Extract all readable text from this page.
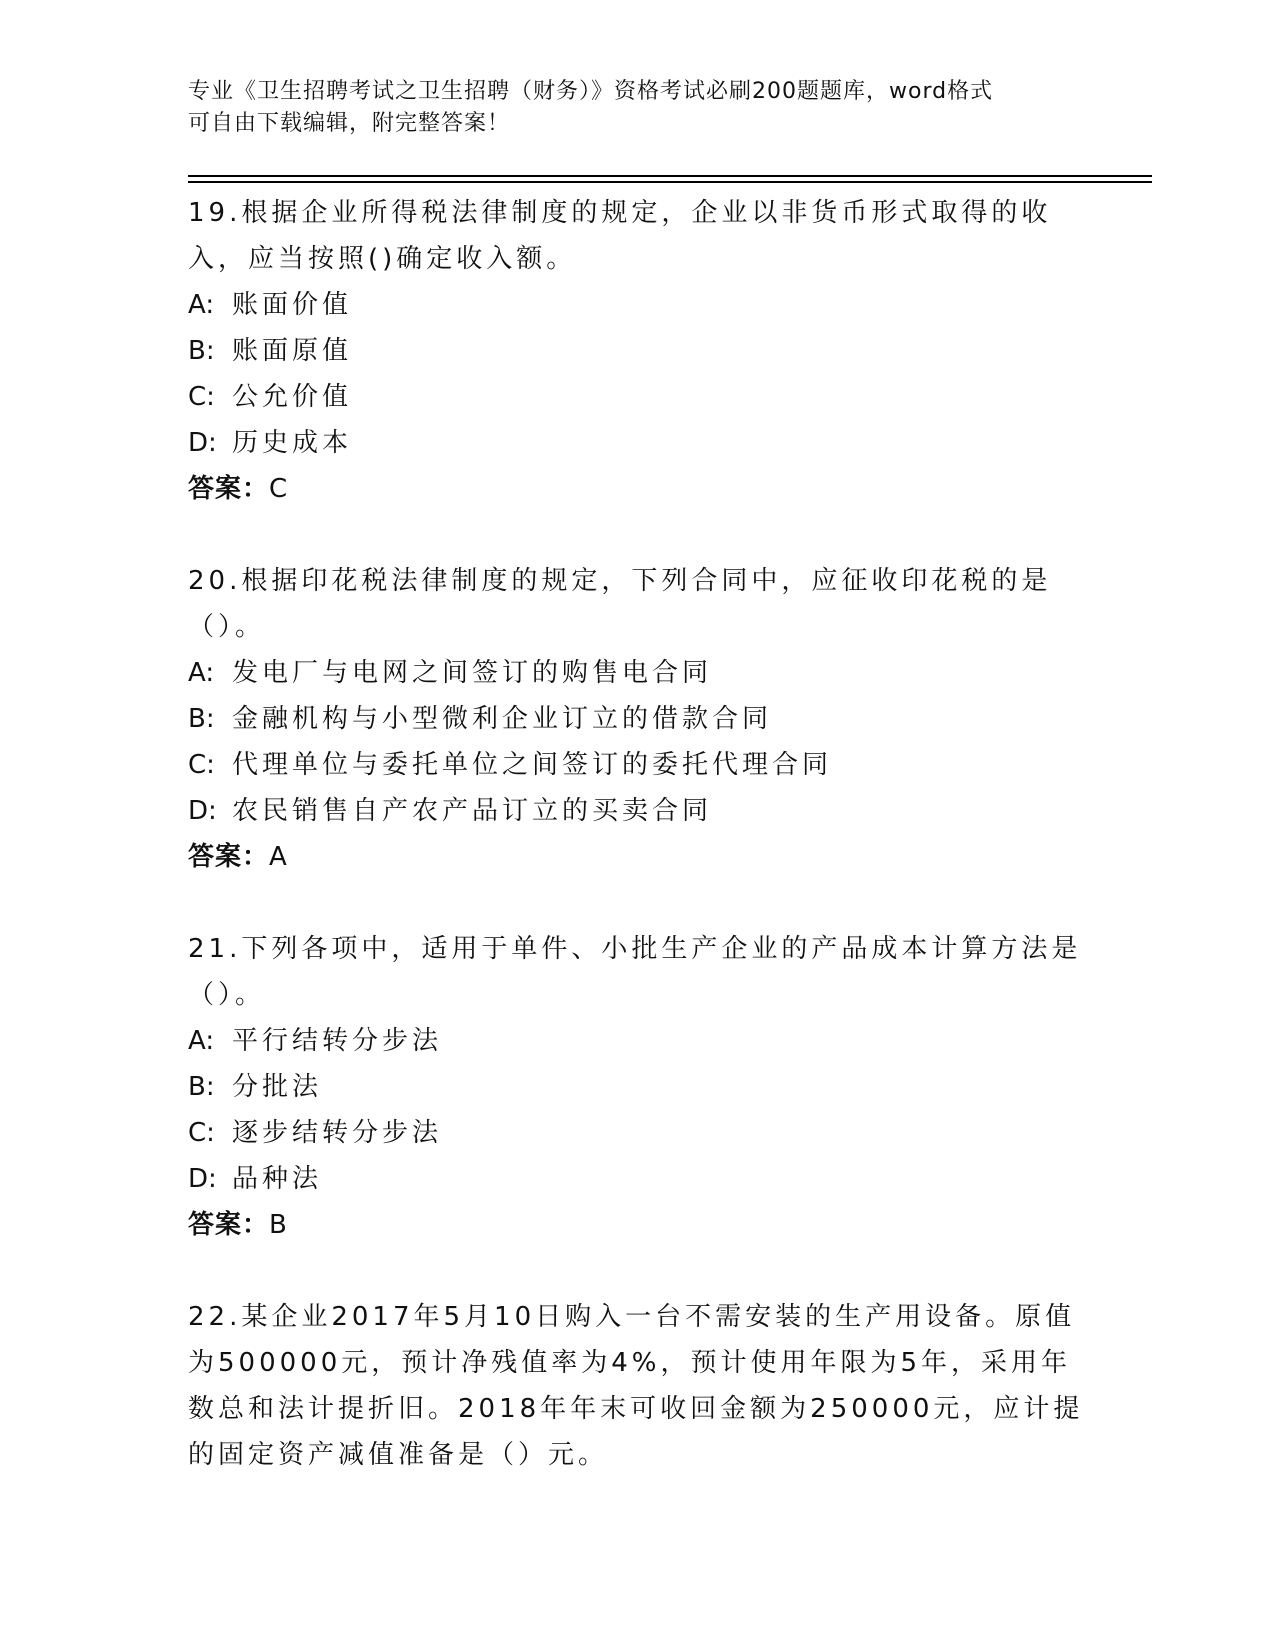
专业《卫生招聘考试之卫生招聘（财务）》资格考试必刷200题题库，word格式
可自由下载编辑，附完整答案！
19.根据企业所得税法律制度的规定，企业以非货币形式取得的收入，应当按照()确定收入额。
A: 账面价值
B: 账面原值
C: 公允价值
D: 历史成本
答案：C
20.根据印花税法律制度的规定，下列合同中，应征收印花税的是（）。
A: 发电厂与电网之间签订的购售电合同
B: 金融机构与小型微利企业订立的借款合同
C: 代理单位与委托单位之间签订的委托代理合同
D: 农民销售自产农产品订立的买卖合同
答案：A
21.下列各项中，适用于单件、小批生产企业的产品成本计算方法是（）。
A: 平行结转分步法
B: 分批法
C: 逐步结转分步法
D: 品种法
答案：B
22.某企业2017年5月10日购入一台不需安装的生产用设备。原值为500000元，预计净残值率为4%，预计使用年限为5年，采用年数总和法计提折旧。2018年年末可收回金额为250000元，应计提的固定资产减值准备是（）元。
